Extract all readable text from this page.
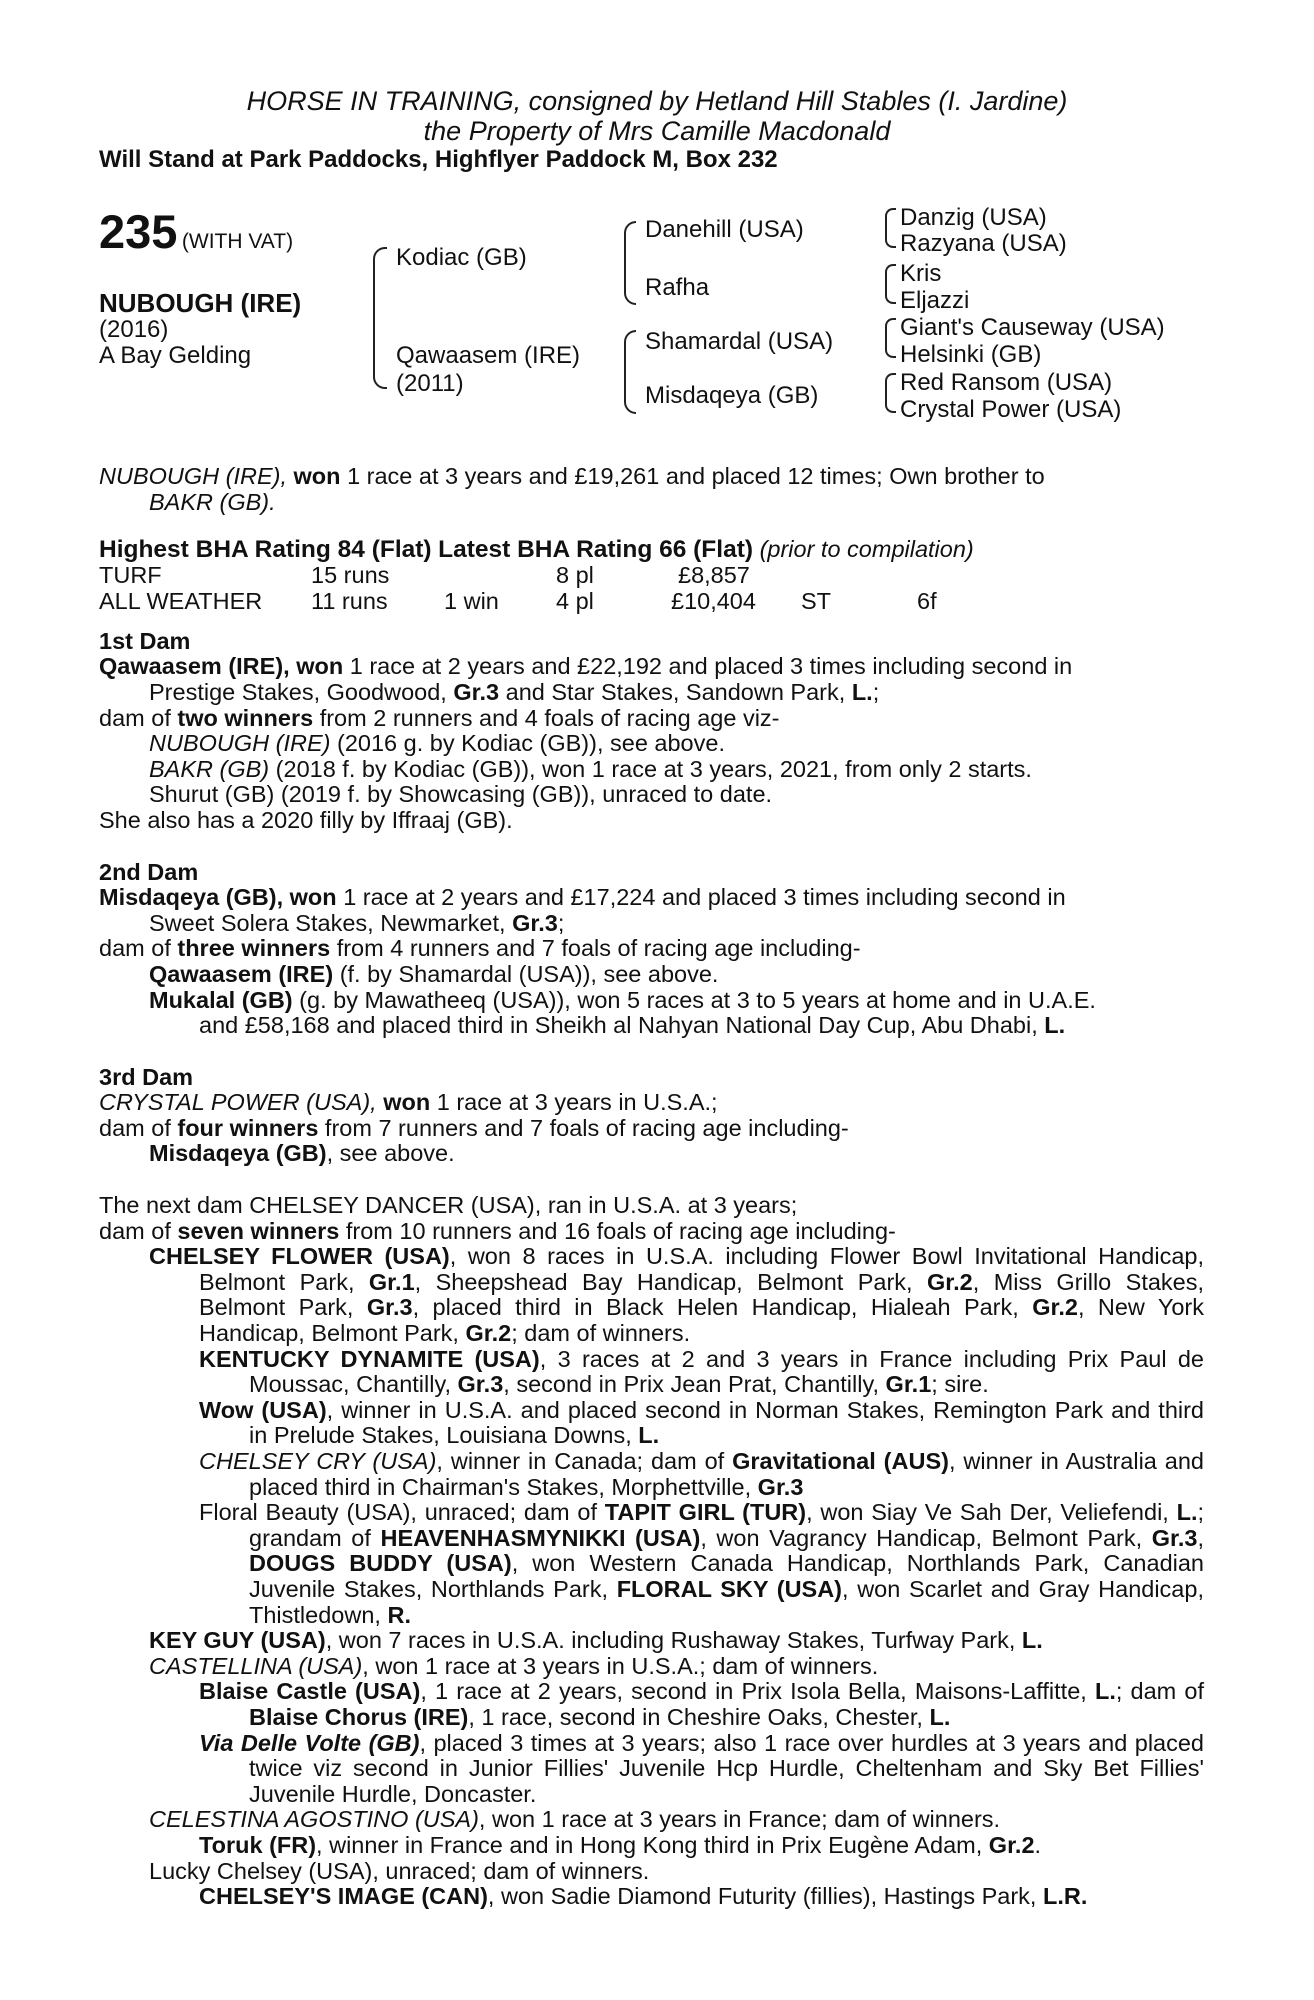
HORSE IN TRAINING, consigned by Hetland Hill Stables (I. Jardine)
the Property of Mrs Camille Macdonald
Will Stand at Park Paddocks, Highflyer Paddock M, Box 232
235 (WITH VAT)
NUBOUGH (IRE)
(2016)
A Bay Gelding
Kodiac (GB)
Qawaasem (IRE)
(2011)
Danehill (USA)
Rafha
Shamardal (USA)
Misdaqeya (GB)
Danzig (USA)
Razyana (USA)
Kris
Eljazzi
Giant's Causeway (USA)
Helsinki (GB)
Red Ransom (USA)
Crystal Power (USA)

NUBOUGH (IRE), won 1 race at 3 years and £19,261 and placed 12 times; Own brother to

BAKR (GB).

Highest BHA Rating 84 (Flat) Latest BHA Rating 66 (Flat) (prior to compilation)

TURF	15 runs	8 pl	£8,857
ALL WEATHER 11 runs 1 win 4 pl	£10,404 ST	6f

1st Dam

Qawaasem (IRE), won 1 race at 2 years and £22,192 and placed 3 times including second in

Prestige Stakes, Goodwood, Gr.3 and Star Stakes, Sandown Park, L.;

dam of two winners from 2 runners and 4 foals of racing age viz-

NUBOUGH (IRE) (2016 g. by Kodiac (GB)), see above.

BAKR (GB) (2018 f. by Kodiac (GB)), won 1 race at 3 years, 2021, from only 2 starts.

Shurut (GB) (2019 f. by Showcasing (GB)), unraced to date.

She also has a 2020 filly by Iffraaj (GB).

2nd Dam

Misdaqeya (GB), won 1 race at 2 years and £17,224 and placed 3 times including second in

Sweet Solera Stakes, Newmarket, Gr.3;

dam of three winners from 4 runners and 7 foals of racing age including-

Qawaasem (IRE) (f. by Shamardal (USA)), see above.

Mukalal (GB) (g. by Mawatheeq (USA)), won 5 races at 3 to 5 years at home and in U.A.E.

and £58,168 and placed third in Sheikh al Nahyan National Day Cup, Abu Dhabi, L.

3rd Dam

CRYSTAL POWER (USA), won 1 race at 3 years in U.S.A.;

dam of four winners from 7 runners and 7 foals of racing age including-

Misdaqeya (GB), see above.

The next dam CHELSEY DANCER (USA), ran in U.S.A. at 3 years;

dam of seven winners from 10 runners and 16 foals of racing age including-

CHELSEY FLOWER (USA), won 8 races in U.S.A. including Flower Bowl Invitational Handicap, Belmont Park, Gr.1, Sheepshead Bay Handicap, Belmont Park, Gr.2, Miss Grillo Stakes, Belmont Park, Gr.3, placed third in Black Helen Handicap, Hialeah Park, Gr.2, New York Handicap, Belmont Park, Gr.2; dam of winners.

KENTUCKY DYNAMITE (USA), 3 races at 2 and 3 years in France including Prix Paul de Moussac, Chantilly, Gr.3, second in Prix Jean Prat, Chantilly, Gr.1; sire.

Wow (USA), winner in U.S.A. and placed second in Norman Stakes, Remington Park and third in Prelude Stakes, Louisiana Downs, L.

CHELSEY CRY (USA), winner in Canada; dam of Gravitational (AUS), winner in Australia and placed third in Chairman's Stakes, Morphettville, Gr.3

Floral Beauty (USA), unraced; dam of TAPIT GIRL (TUR), won Siay Ve Sah Der, Veliefendi, L.; grandam of HEAVENHASMYNIKKI (USA), won Vagrancy Handicap, Belmont Park, Gr.3, DOUGS BUDDY (USA), won Western Canada Handicap, Northlands Park, Canadian Juvenile Stakes, Northlands Park, FLORAL SKY (USA), won Scarlet and Gray Handicap, Thistledown, R.

KEY GUY (USA), won 7 races in U.S.A. including Rushaway Stakes, Turfway Park, L.

CASTELLINA (USA), won 1 race at 3 years in U.S.A.; dam of winners.

Blaise Castle (USA), 1 race at 2 years, second in Prix Isola Bella, Maisons-Laffitte, L.; dam of Blaise Chorus (IRE), 1 race, second in Cheshire Oaks, Chester, L.

Via Delle Volte (GB), placed 3 times at 3 years; also 1 race over hurdles at 3 years and placed twice viz second in Junior Fillies' Juvenile Hcp Hurdle, Cheltenham and Sky Bet Fillies' Juvenile Hurdle, Doncaster.

CELESTINA AGOSTINO (USA), won 1 race at 3 years in France; dam of winners.

Toruk (FR), winner in France and in Hong Kong third in Prix Eugène Adam, Gr.2.

Lucky Chelsey (USA), unraced; dam of winners.

CHELSEY'S IMAGE (CAN), won Sadie Diamond Futurity (fillies), Hastings Park, L.R.
